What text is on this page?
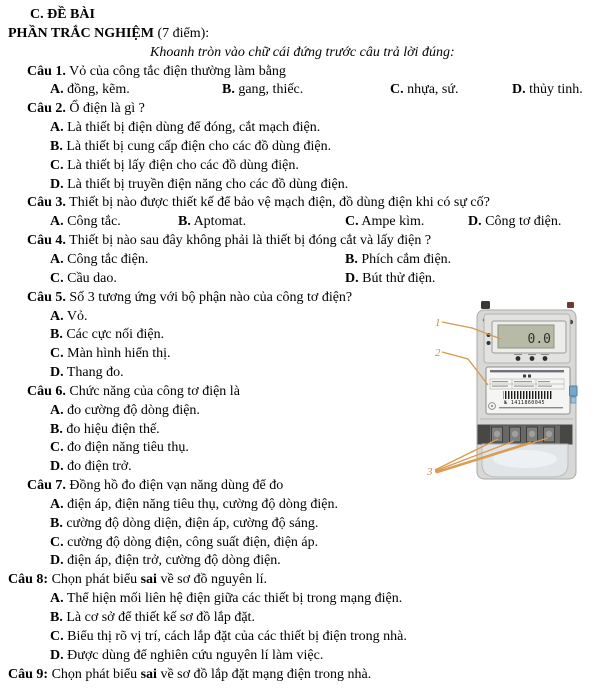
C. ĐỀ BÀI
PHẦN TRẮC NGHIỆM (7 điểm):
Khoanh tròn vào chữ cái đứng trước câu trả lời đúng:
Câu 1. Vỏ của công tắc điện thường làm bằng
A. đồng, kẽm.	B. gang, thiếc.	C. nhựa, sứ.	D. thủy tinh.
Câu 2. Ổ điện là gì ?
A. Là thiết bị điện dùng để đóng, cắt mạch điện.
B. Là thiết bị cung cấp điện cho các đồ dùng điện.
C. Là thiết bị lấy điện cho các đồ dùng điện.
D. Là thiết bị truyền điện năng cho các đồ dùng điện.
Câu 3. Thiết bị nào được thiết kế để bảo vệ mạch điện, đồ dùng điện khi có sự cố?
A. Công tắc.	B. Aptomat.	C. Ampe kìm.	D. Công tơ điện.
Câu 4. Thiết bị nào sau đây không phải là thiết bị đóng cắt và lấy điện ?
A. Công tắc điện.	B. Phích cắm điện.
C. Cầu dao.	D. Bút thử điện.
Câu 5. Số 3 tương ứng với bộ phận nào của công tơ điện?
A. Vỏ.
B. Các cực nối điện.
C. Màn hình hiển thị.
D. Thang đo.
Câu 6. Chức năng của công tơ điện là
A. đo cường độ dòng điện.
B. đo hiệu điện thế.
C. đo điện năng tiêu thụ.
D. đo điện trở.
Câu 7. Đồng hồ đo điện vạn năng dùng để đo
A. điện áp, điện năng tiêu thụ, cường độ dòng điện.
B. cường độ dòng diện, điện áp, cường độ sáng.
C. cường độ dòng điện, công suất điện, điện áp.
D. điện áp, điện trở, cường độ dòng điện.
Câu 8: Chọn phát biểu sai về sơ đồ nguyên lí.
A. Thể hiện mối liên hệ điện giữa các thiết bị trong mạng điện.
B. Là cơ sở để thiết kế sơ đồ lắp đặt.
C. Biểu thị rõ vị trí, cách lắp đặt của các thiết bị điện trong nhà.
D. Được dùng để nghiên cứu nguyên lí làm việc.
Câu 9: Chọn phát biểu sai về sơ đồ lắp đặt mạng điện trong nhà.
0.0
№ 1411860045
1
2
3
